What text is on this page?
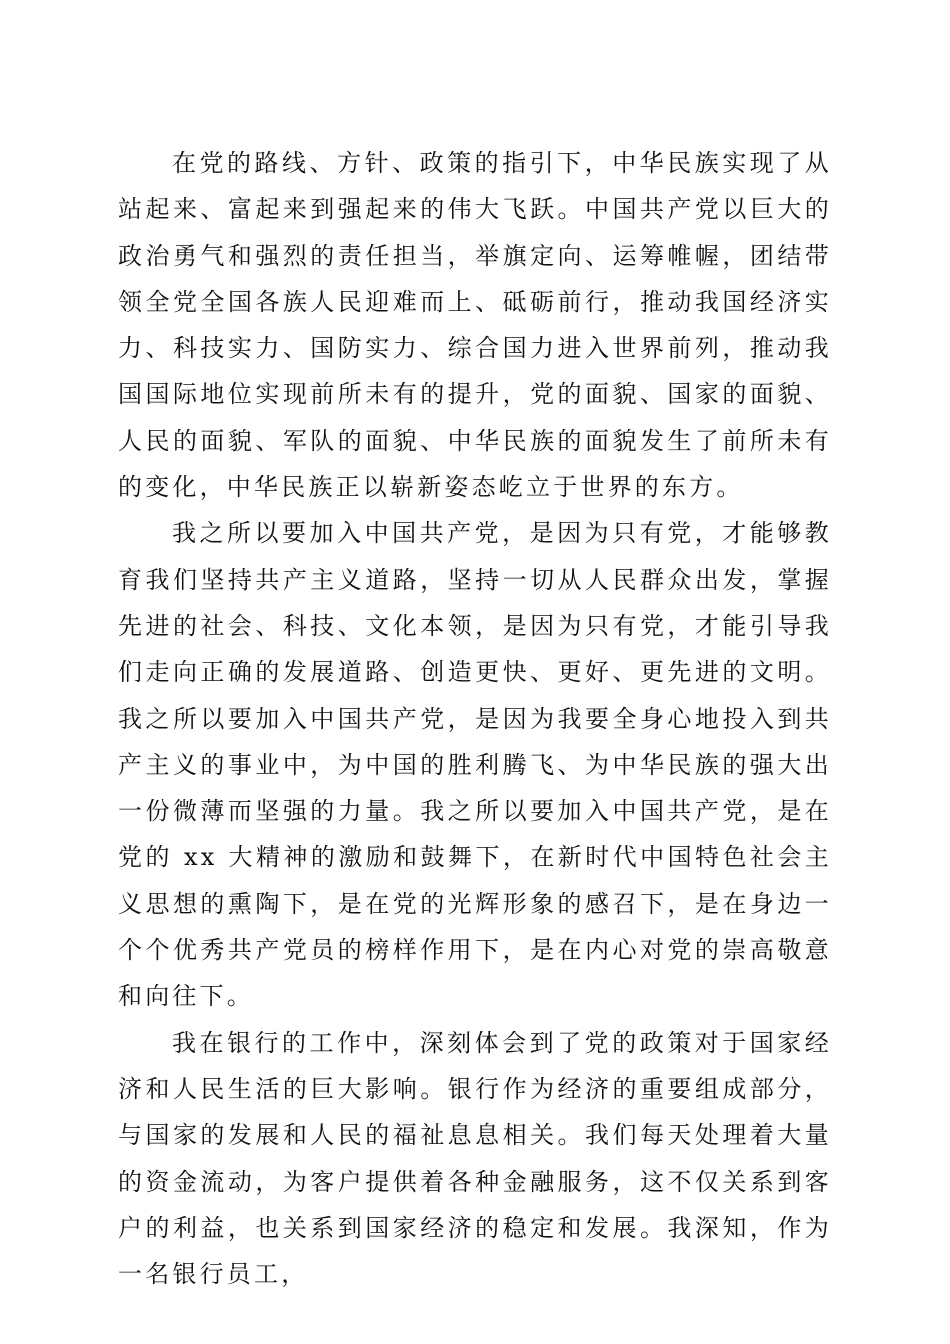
在党的路线、方针、政策的指引下，中华民族实现了从站起来、富起来到强起来的伟大飞跃。中国共产党以巨大的政治勇气和强烈的责任担当，举旗定向、运筹帷幄，团结带领全党全国各族人民迎难而上、砥砺前行，推动我国经济实力、科技实力、国防实力、综合国力进入世界前列，推动我国国际地位实现前所未有的提升，党的面貌、国家的面貌、人民的面貌、军队的面貌、中华民族的面貌发生了前所未有的变化，中华民族正以崭新姿态屹立于世界的东方。

我之所以要加入中国共产党，是因为只有党，才能够教育我们坚持共产主义道路，坚持一切从人民群众出发，掌握先进的社会、科技、文化本领，是因为只有党，才能引导我们走向正确的发展道路、创造更快、更好、更先进的文明。我之所以要加入中国共产党，是因为我要全身心地投入到共产主义的事业中，为中国的胜利腾飞、为中华民族的强大出一份微薄而坚强的力量。我之所以要加入中国共产党，是在党的 xx 大精神的激励和鼓舞下，在新时代中国特色社会主义思想的熏陶下，是在党的光辉形象的感召下，是在身边一个个优秀共产党员的榜样作用下，是在内心对党的崇高敬意和向往下。

我在银行的工作中，深刻体会到了党的政策对于国家经济和人民生活的巨大影响。银行作为经济的重要组成部分，与国家的发展和人民的福祉息息相关。我们每天处理着大量的资金流动，为客户提供着各种金融服务，这不仅关系到客户的利益，也关系到国家经济的稳定和发展。我深知，作为一名银行员工，
